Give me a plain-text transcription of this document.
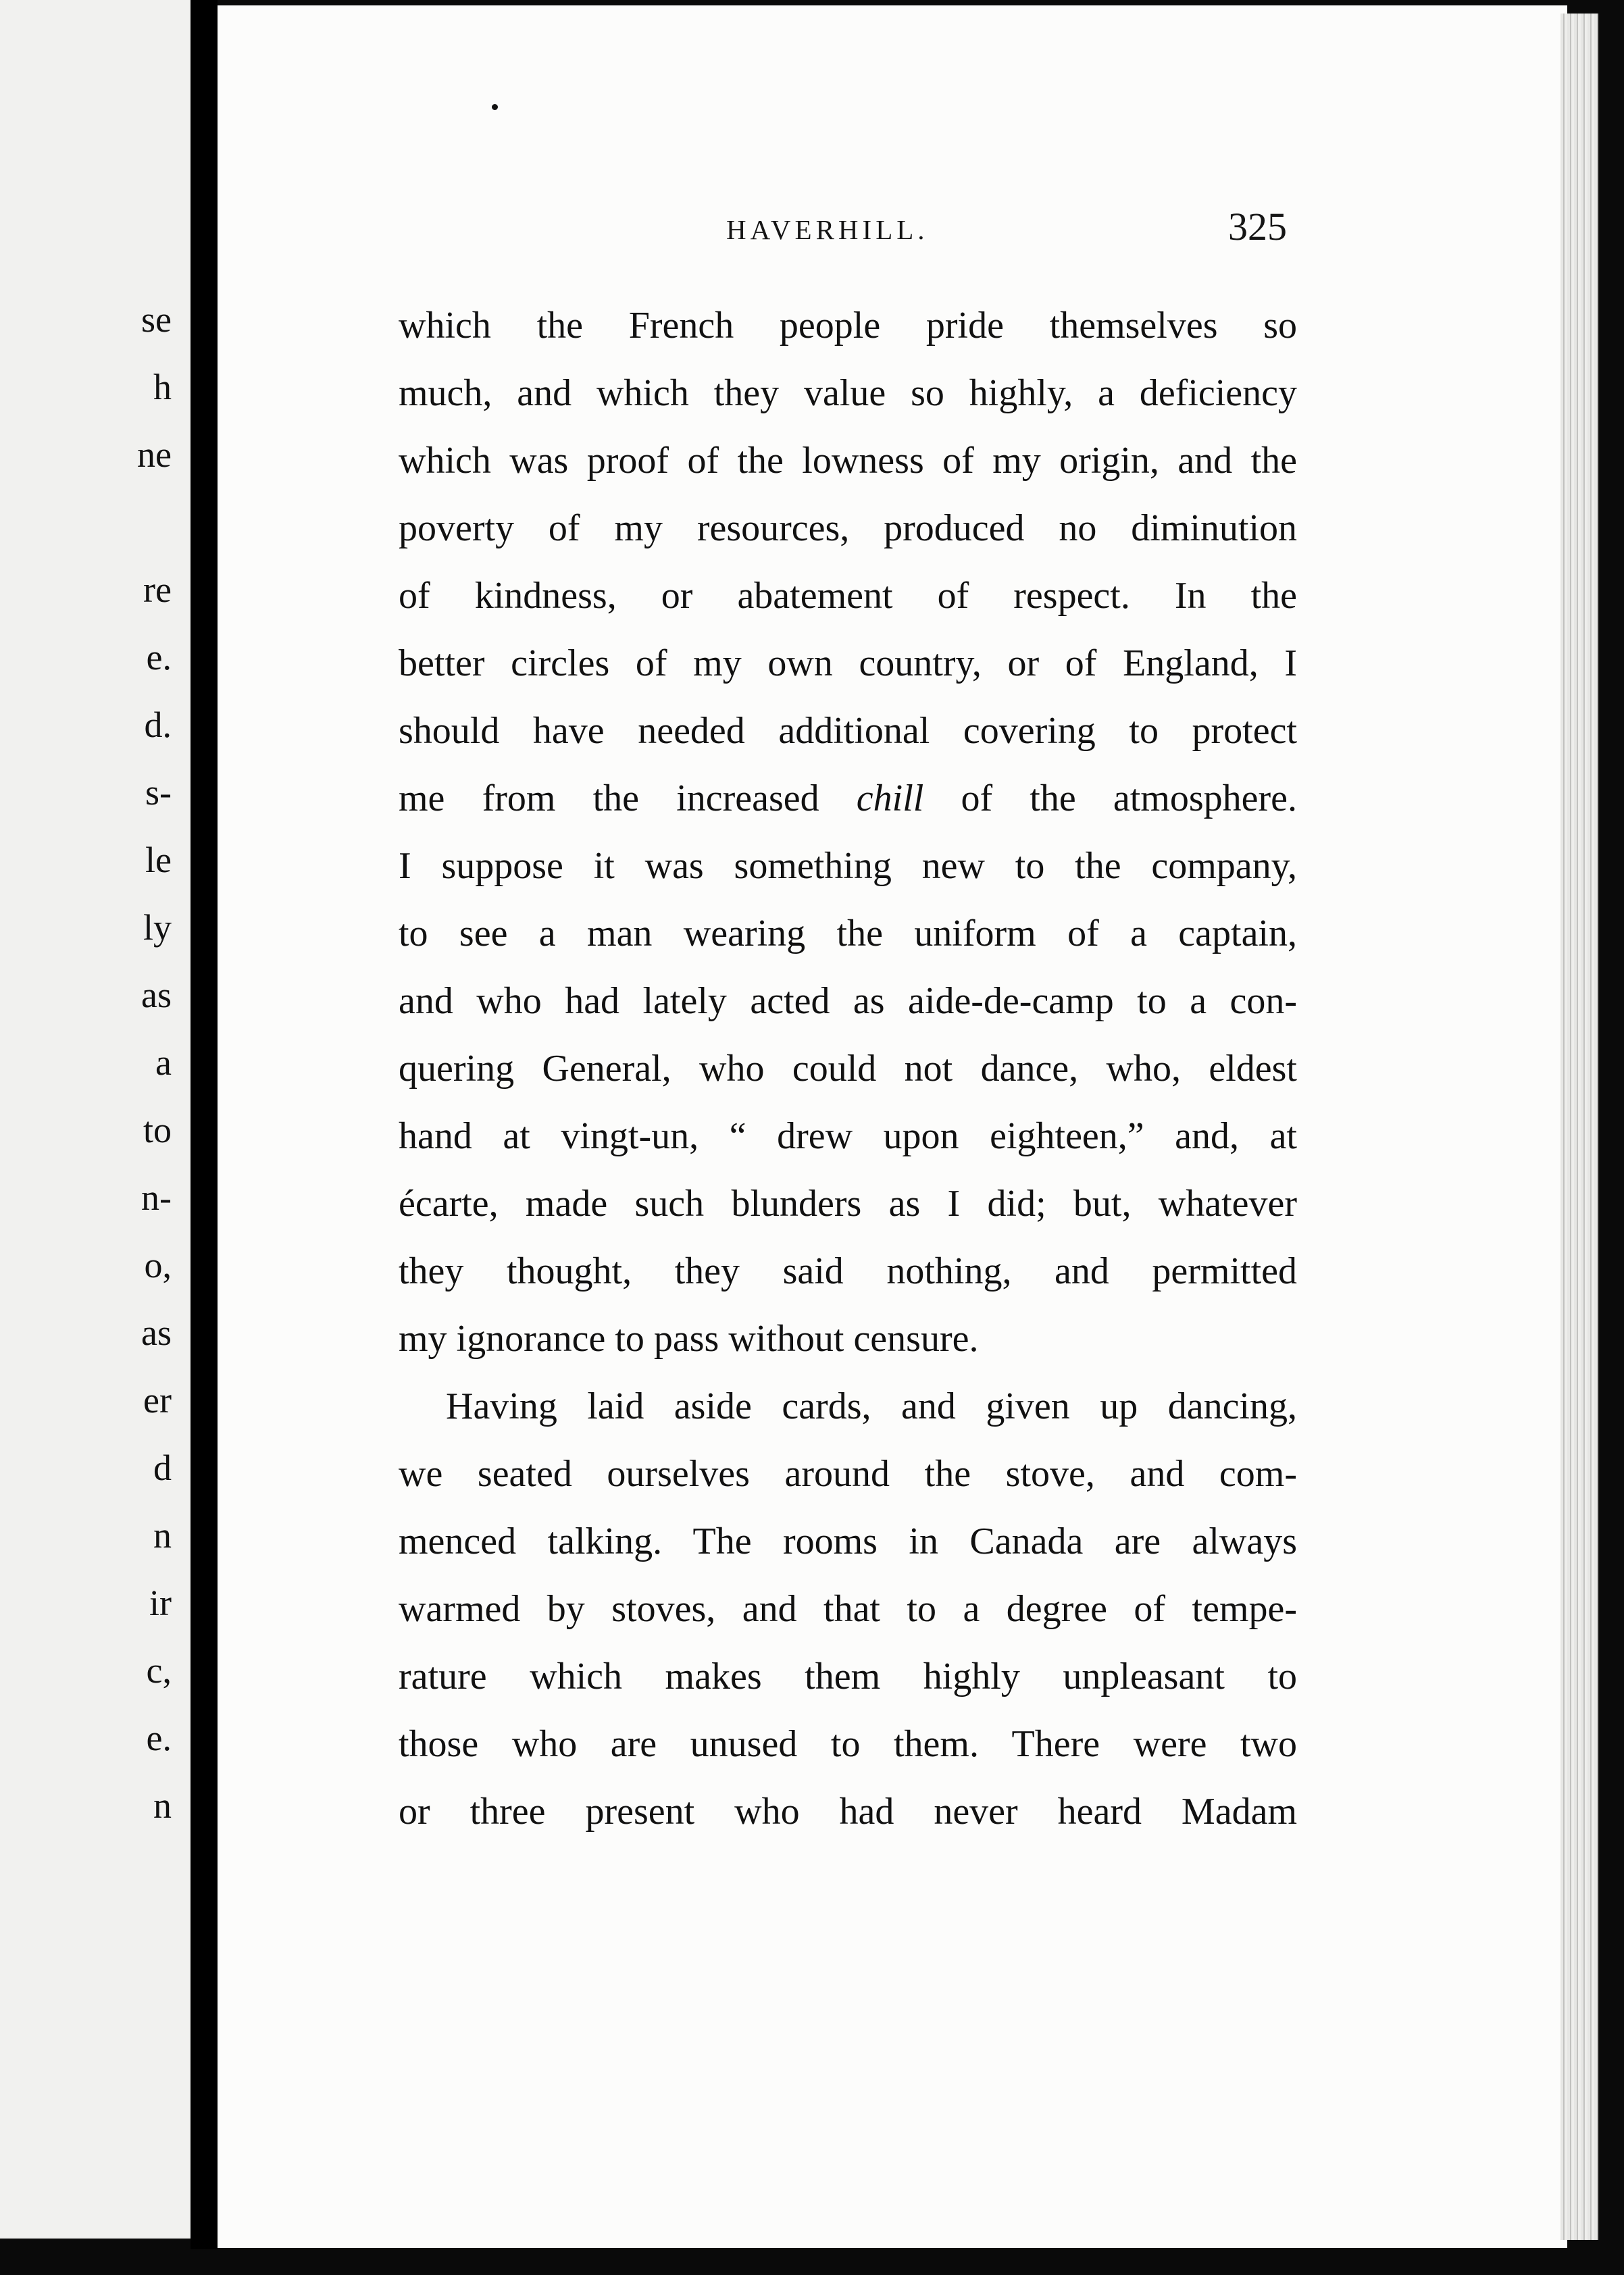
se
h
ne
re
e.
d.
s-
le
ly
as
a
to
n-
o,
as
er
d
n
ir
c,
e.
n
HAVERHILL.	325
which the French people pride themselves so
much, and which they value so highly, a deficiency
which was proof of the lowness of my origin, and the
poverty of my resources, produced no diminution
of kindness, or abatement of respect. In the
better circles of my own country, or of England, I
should have needed additional covering to protect
me from the increased chill of the atmosphere.
I suppose it was something new to the company,
to see a man wearing the uniform of a captain,
and who had lately acted as aide-de-camp to a con-
quering General, who could not dance, who, eldest
hand at vingt-un, “ drew upon eighteen,” and, at
écarte, made such blunders as I did; but, whatever
they thought, they said nothing, and permitted
my ignorance to pass without censure.
Having laid aside cards, and given up dancing,
we seated ourselves around the stove, and com-
menced talking. The rooms in Canada are always
warmed by stoves, and that to a degree of tempe-
rature which makes them highly unpleasant to
those who are unused to them. There were two
or three present who had never heard Madam
